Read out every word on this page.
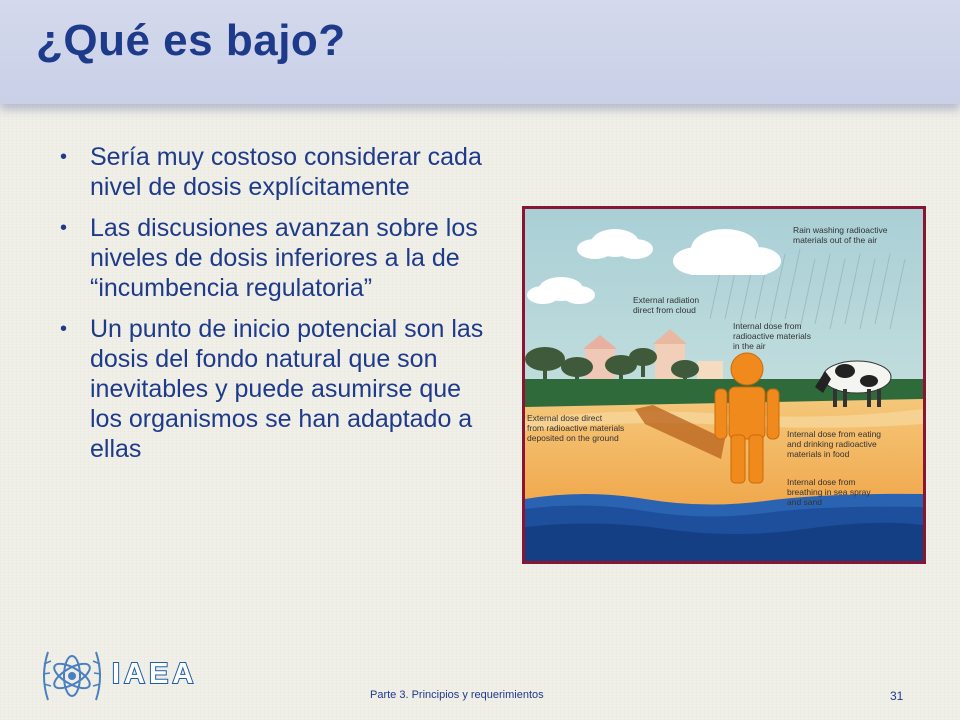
¿Qué es bajo?
• Sería muy costoso considerar cada nivel de dosis explícitamente
• Las discusiones avanzan sobre los niveles de dosis inferiores a la de “incumbencia regulatoria”
• Un punto de inicio potencial son las dosis del fondo natural que son inevitables y puede asumirse que los organismos se han adaptado a ellas
Rain washing radioactive materials out of the air
External radiation direct from cloud
Internal dose from radioactive materials in the air
External dose direct from radioactive materials deposited on the ground	Internal dose from eating and drinking radioactive materials in food
Internal dose from breathing in sea spray and sand
IAEA
Parte 3. Principios y requerimientos	31
